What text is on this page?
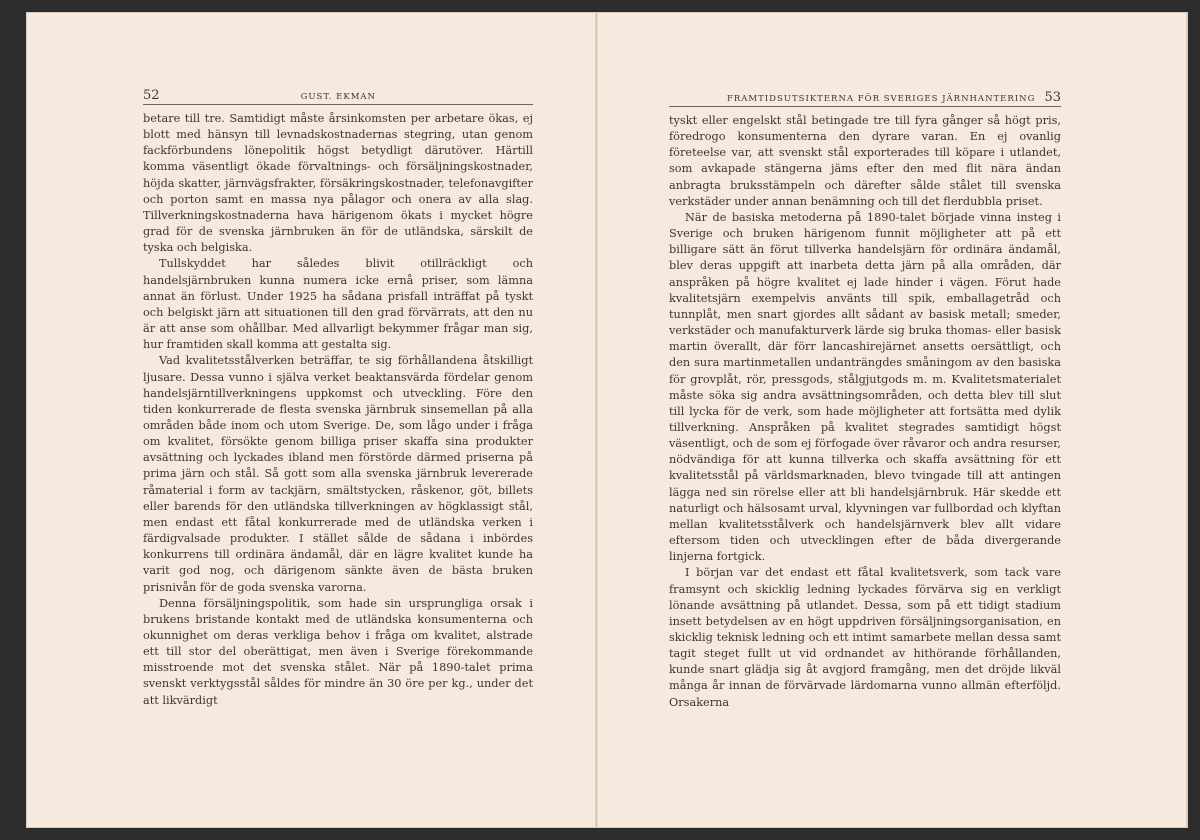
52	GUST. EKMAN

betare till tre. Samtidigt måste årsinkomsten per arbetare ökas, ej blott med hänsyn till levnadskostnadernas stegring, utan genom fackförbundens lönepolitik högst betydligt därutöver. Härtill komma väsentligt ökade förvaltnings- och försäljningskostnader, höjda skatter, järnvägsfrakter, försäkringskostnader, telefonavgifter och porton samt en massa nya pålagor och onera av alla slag. Tillverkningskostnaderna hava härigenom ökats i mycket högre grad för de svenska järnbruken än för de utländska, särskilt de tyska och belgiska.

Tullskyddet har således blivit otillräckligt och handelsjärnbruken kunna numera icke ernå priser, som lämna annat än förlust. Under 1925 ha sådana prisfall inträffat på tyskt och belgiskt järn att situationen till den grad förvärrats, att den nu är att anse som ohållbar. Med allvarligt bekymmer frågar man sig, hur framtiden skall komma att gestalta sig.

Vad kvalitetsstålverken beträffar, te sig förhållandena åtskilligt ljusare. Dessa vunno i själva verket beaktansvärda fördelar genom handelsjärntillverkningens uppkomst och utveckling. Före den tiden konkurrerade de flesta svenska järnbruk sinsemellan på alla områden både inom och utom Sverige. De, som lågo under i fråga om kvalitet, försökte genom billiga priser skaffa sina produkter avsättning och lyckades ibland men förstörde därmed priserna på prima järn och stål. Så gott som alla svenska järnbruk levererade råmaterial i form av tackjärn, smältstycken, råskenor, göt, billets eller barends för den utländska tillverkningen av högklassigt stål, men endast ett fåtal konkurrerade med de utländska verken i färdigvalsade produkter. I stället sålde de sådana i inbördes konkurrens till ordinära ändamål, där en lägre kvalitet kunde ha varit god nog, och därigenom sänkte även de bästa bruken prisnivån för de goda svenska varorna.

Denna försäljningspolitik, som hade sin ursprungliga orsak i brukens bristande kontakt med de utländska konsumenterna och okunnighet om deras verkliga behov i fråga om kvalitet, alstrade ett till stor del oberättigat, men även i Sverige förekommande misstroende mot det svenska stålet. När på 1890-talet prima svenskt verktygsstål såldes för mindre än 30 öre per kg., under det att likvärdigt

FRAMTIDSUTSIKTERNA FÖR SVERIGES JÄRNHANTERING 53

tyskt eller engelskt stål betingade tre till fyra gånger så högt pris, föredrogo konsumenterna den dyrare varan. En ej ovanlig företeelse var, att svenskt stål exporterades till köpare i utlandet, som avkapade stängerna jäms efter den med flit nära ändan anbragta bruksstämpeln och därefter sålde stålet till svenska verkstäder under annan benämning och till det flerdubbla priset.

När de basiska metoderna på 1890-talet började vinna insteg i Sverige och bruken härigenom funnit möjligheter att på ett billigare sätt än förut tillverka handelsjärn för ordinära ändamål, blev deras uppgift att inarbeta detta järn på alla områden, där anspråken på högre kvalitet ej lade hinder i vägen. Förut hade kvalitetsjärn exempelvis använts till spik, emballagetråd och tunnplåt, men snart gjordes allt sådant av basisk metall; smeder, verkstäder och manufakturverk lärde sig bruka thomas- eller basisk martin överallt, där förr lancashirejärnet ansetts oersättligt, och den sura martinmetallen undanträngdes småningom av den basiska för grovplåt, rör, pressgods, stålgjutgods m. m. Kvalitetsmaterialet måste söka sig andra avsättningsområden, och detta blev till slut till lycka för de verk, som hade möjligheter att fortsätta med dylik tillverkning. Anspråken på kvalitet stegrades samtidigt högst väsentligt, och de som ej förfogade över råvaror och andra resurser, nödvändiga för att kunna tillverka och skaffa avsättning för ett kvalitetsstål på världsmarknaden, blevo tvingade till att antingen lägga ned sin rörelse eller att bli handelsjärnbruk. Här skedde ett naturligt och hälsosamt urval, klyvningen var fullbordad och klyftan mellan kvalitetsstålverk och handelsjärnverk blev allt vidare eftersom tiden och utvecklingen efter de båda divergerande linjerna fortgick.

I början var det endast ett fåtal kvalitetsverk, som tack vare framsynt och skicklig ledning lyckades förvärva sig en verkligt lönande avsättning på utlandet. Dessa, som på ett tidigt stadium insett betydelsen av en högt uppdriven försäljningsorganisation, en skicklig teknisk ledning och ett intimt samarbete mellan dessa samt tagit steget fullt ut vid ordnandet av hithörande förhållanden, kunde snart glädja sig åt avgjord framgång, men det dröjde likväl många år innan de förvärvade lärdomarna vunno allmän efterföljd. Orsakerna
